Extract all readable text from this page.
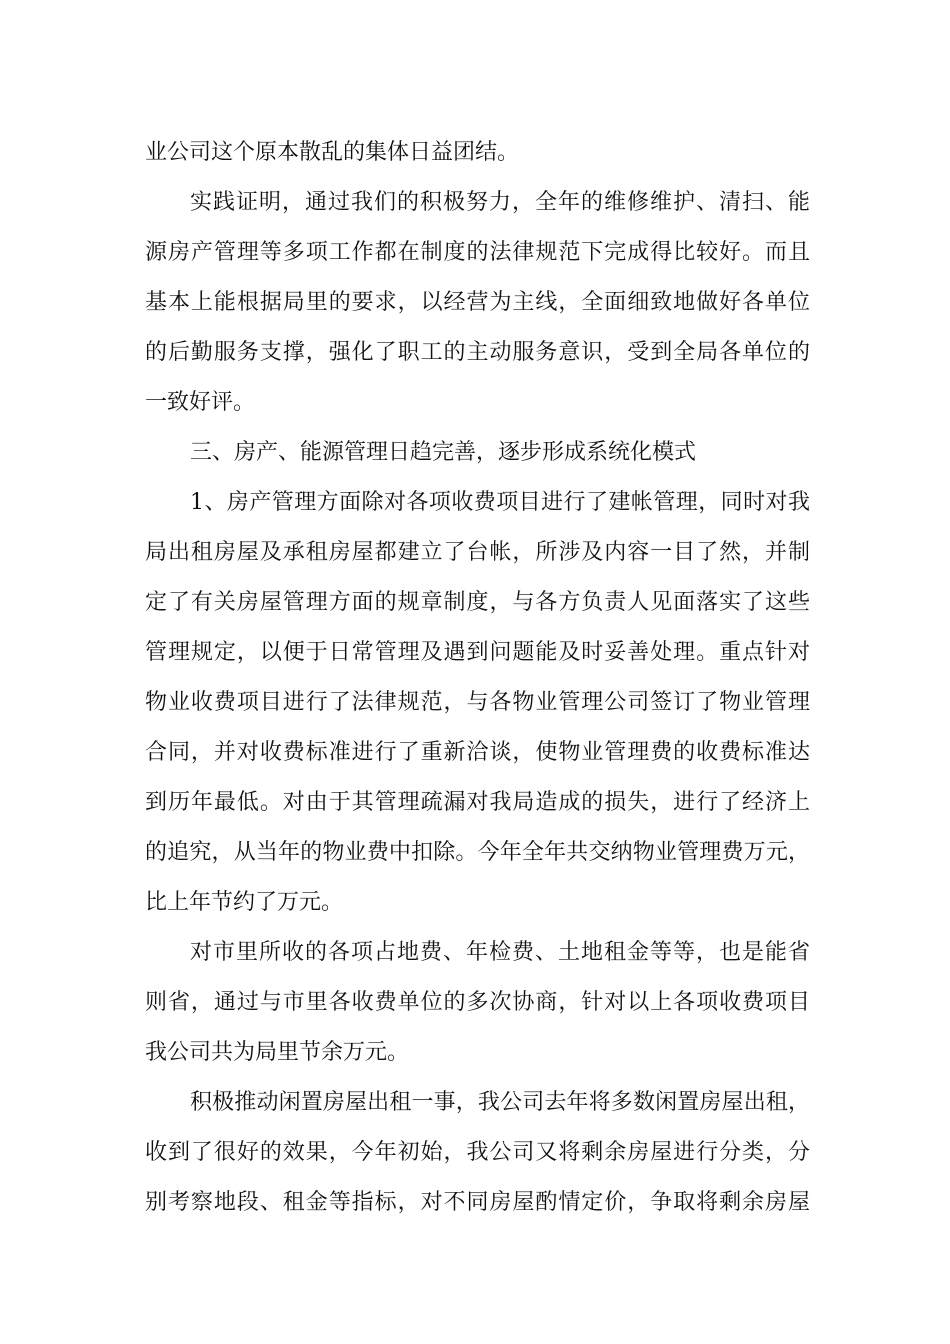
业公司这个原本散乱的集体日益团结。
实践证明，通过我们的积极努力，全年的维修维护、清扫、能
源房产管理等多项工作都在制度的法律规范下完成得比较好。而且
基本上能根据局里的要求，以经营为主线，全面细致地做好各单位
的后勤服务支撑，强化了职工的主动服务意识，受到全局各单位的
一致好评。
三、房产、能源管理日趋完善，逐步形成系统化模式
1、房产管理方面除对各项收费项目进行了建帐管理，同时对我
局出租房屋及承租房屋都建立了台帐，所涉及内容一目了然，并制
定了有关房屋管理方面的规章制度，与各方负责人见面落实了这些
管理规定，以便于日常管理及遇到问题能及时妥善处理。重点针对
物业收费项目进行了法律规范，与各物业管理公司签订了物业管理
合同，并对收费标准进行了重新洽谈，使物业管理费的收费标准达
到历年最低。对由于其管理疏漏对我局造成的损失，进行了经济上
的追究，从当年的物业费中扣除。今年全年共交纳物业管理费万元，
比上年节约了万元。
对市里所收的各项占地费、年检费、土地租金等等，也是能省
则省，通过与市里各收费单位的多次协商，针对以上各项收费项目
我公司共为局里节余万元。
积极推动闲置房屋出租一事，我公司去年将多数闲置房屋出租，
收到了很好的效果，今年初始，我公司又将剩余房屋进行分类，分
别考察地段、租金等指标，对不同房屋酌情定价，争取将剩余房屋
